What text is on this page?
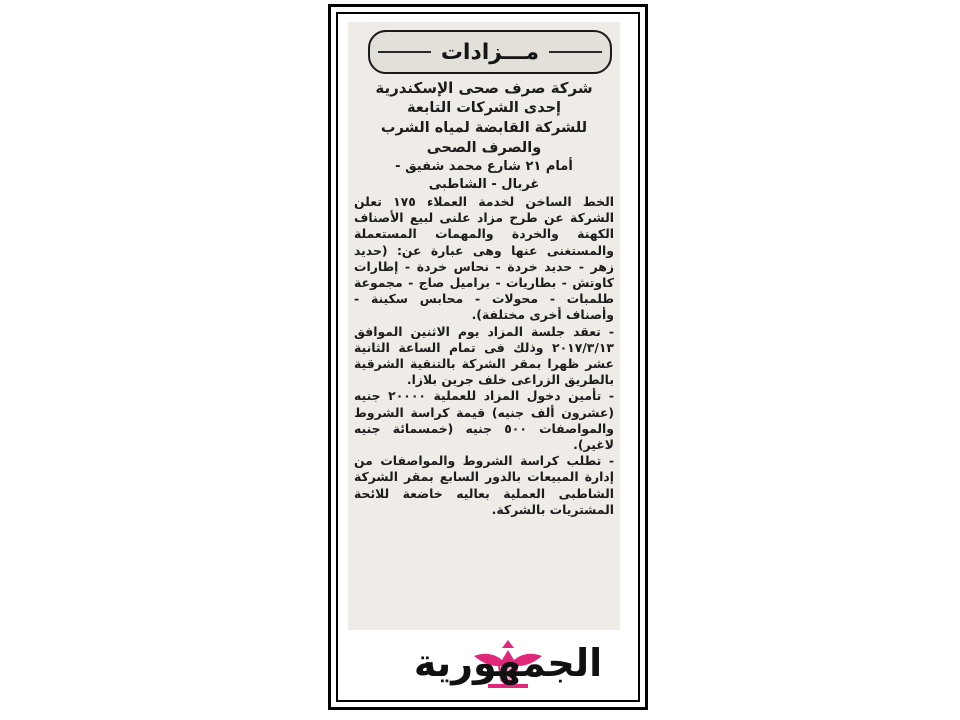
مـــزادات
شركة صرف صحى الإسكندرية
إحدى الشركات التابعة
للشركة القابضة لمياه الشرب
والصرف الصحى
أمام ٢١ شارع محمد شفيق -
غربال - الشاطبى
الخط الساخن لخدمة العملاء ١٧٥ تعلن الشركة عن طرح مزاد علنى لبيع الأصناف الكهنة والخردة والمهمات المستعملة والمستغنى عنها وهى عبارة عن: (حديد زهر - حديد خردة - نحاس خردة - إطارات كاوتش - بطاريات - براميل صاج - مجموعة طلمبات - محولات - محابس سكينة - وأصناف أخرى مختلفة).
- تعقد جلسة المزاد يوم الاثنين الموافق ٢٠١٧/٣/١٣ وذلك فى تمام الساعة الثانية عشر ظهرا بمقر الشركة بالتنقية الشرقية بالطريق الزراعى خلف جرين بلازا.
- تأمين دخول المزاد للعملية ٢٠٠٠٠ جنيه (عشرون ألف جنيه) قيمة كراسة الشروط والمواصفات ٥٠٠ جنيه (خمسمائة جنيه لاغير).
- تطلب كراسة الشروط والمواصفات من إدارة المبيعات بالدور السابع بمقر الشركة الشاطبى العملية بعاليه خاضعة للائحة المشتريات بالشركة.
الجمهورية
